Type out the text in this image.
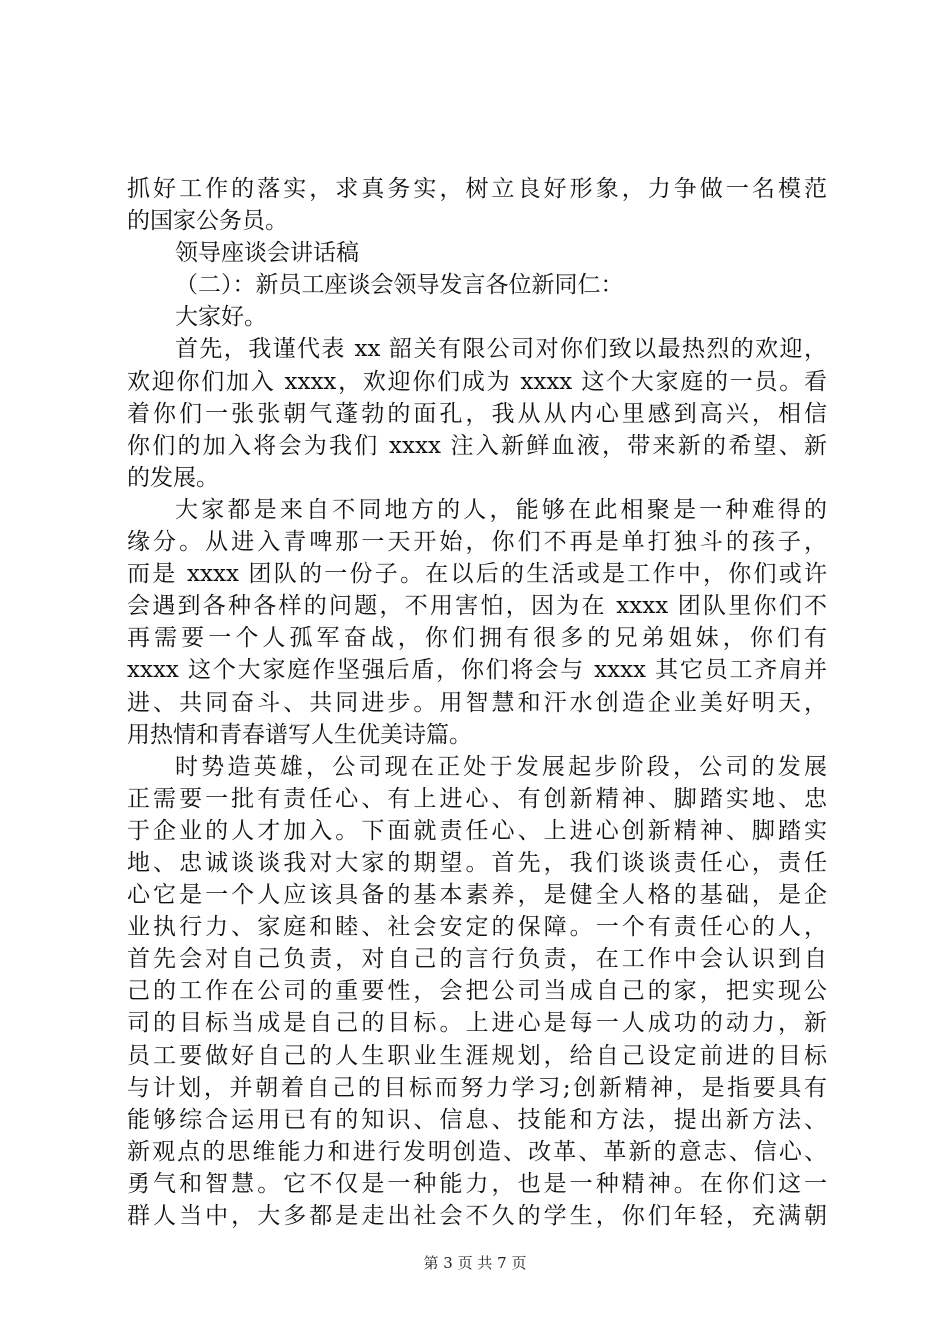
抓好工作的落实，求真务实，树立良好形象，力争做一名模范
的国家公务员。
领导座谈会讲话稿
（二）：新员工座谈会领导发言各位新同仁：
大家好。
首先，我谨代表 xx 韶关有限公司对你们致以最热烈的欢迎，
欢迎你们加入 xxxx，欢迎你们成为 xxxx 这个大家庭的一员。看
着你们一张张朝气蓬勃的面孔，我从从内心里感到高兴，相信
你们的加入将会为我们 xxxx 注入新鲜血液，带来新的希望、新
的发展。
大家都是来自不同地方的人，能够在此相聚是一种难得的
缘分。从进入青啤那一天开始，你们不再是单打独斗的孩子，
而是 xxxx 团队的一份子。在以后的生活或是工作中，你们或许
会遇到各种各样的问题，不用害怕，因为在 xxxx 团队里你们不
再需要一个人孤军奋战，你们拥有很多的兄弟姐妹，你们有
xxxx 这个大家庭作坚强后盾，你们将会与 xxxx 其它员工齐肩并
进、共同奋斗、共同进步。用智慧和汗水创造企业美好明天，
用热情和青春谱写人生优美诗篇。
时势造英雄，公司现在正处于发展起步阶段，公司的发展
正需要一批有责任心、有上进心、有创新精神、脚踏实地、忠
于企业的人才加入。下面就责任心、上进心创新精神、脚踏实
地、忠诚谈谈我对大家的期望。首先，我们谈谈责任心，责任
心它是一个人应该具备的基本素养，是健全人格的基础，是企
业执行力、家庭和睦、社会安定的保障。一个有责任心的人，
首先会对自己负责，对自己的言行负责，在工作中会认识到自
己的工作在公司的重要性，会把公司当成自己的家，把实现公
司的目标当成是自己的目标。上进心是每一人成功的动力，新
员工要做好自己的人生职业生涯规划，给自己设定前进的目标
与计划，并朝着自己的目标而努力学习;创新精神，是指要具有
能够综合运用已有的知识、信息、技能和方法，提出新方法、
新观点的思维能力和进行发明创造、改革、革新的意志、信心、
勇气和智慧。它不仅是一种能力，也是一种精神。在你们这一
群人当中，大多都是走出社会不久的学生，你们年轻，充满朝
第 3 页 共 7 页
